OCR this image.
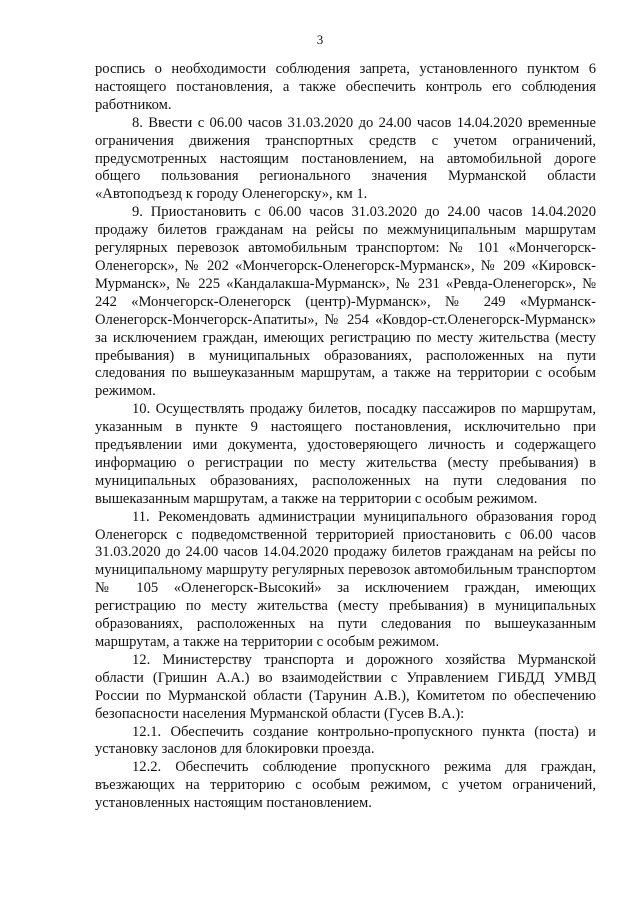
3

роспись о необходимости соблюдения запрета, установленного пунктом 6 настоящего постановления, а также обеспечить контроль его соблюдения работником.

8. Ввести с 06.00 часов 31.03.2020 до 24.00 часов 14.04.2020 временные ограничения движения транспортных средств с учетом ограничений, предусмотренных настоящим постановлением, на автомобильной дороге общего пользования регионального значения Мурманской области «Автоподъезд к городу Оленегорску», км 1.

9. Приостановить с 06.00 часов 31.03.2020 до 24.00 часов 14.04.2020 продажу билетов гражданам на рейсы по межмуниципальным маршрутам регулярных перевозок автомобильным транспортом: № 101 «Мончегорск-Оленегорск», № 202 «Мончегорск-Оленегорск-Мурманск», № 209 «Кировск-Мурманск», № 225 «Кандалакша-Мурманск», № 231 «Ревда-Оленегорск», № 242 «Мончегорск-Оленегорск (центр)-Мурманск», № 249 «Мурманск-Оленегорск-Мончегорск-Апатиты», № 254 «Ковдор-ст.Оленегорск-Мурманск» за исключением граждан, имеющих регистрацию по месту жительства (месту пребывания) в муниципальных образованиях, расположенных на пути следования по вышеуказанным маршрутам, а также на территории с особым режимом.

10. Осуществлять продажу билетов, посадку пассажиров по маршрутам, указанным в пункте 9 настоящего постановления, исключительно при предъявлении ими документа, удостоверяющего личность и содержащего информацию о регистрации по месту жительства (месту пребывания) в муниципальных образованиях, расположенных на пути следования по вышеказанным маршрутам, а также на территории с особым режимом.

11. Рекомендовать администрации муниципального образования город Оленегорск с подведомственной территорией приостановить с 06.00 часов 31.03.2020 до 24.00 часов 14.04.2020 продажу билетов гражданам на рейсы по муниципальному маршруту регулярных перевозок автомобильным транспортом № 105 «Оленегорск-Высокий» за исключением граждан, имеющих регистрацию по месту жительства (месту пребывания) в муниципальных образованиях, расположенных на пути следования по вышеуказанным маршрутам, а также на территории с особым режимом.

12. Министерству транспорта и дорожного хозяйства Мурманской области (Гришин А.А.) во взаимодействии с Управлением ГИБДД УМВД России по Мурманской области (Тарунин А.В.), Комитетом по обеспечению безопасности населения Мурманской области (Гусев В.А.):

12.1. Обеспечить создание контрольно-пропускного пункта (поста) и установку заслонов для блокировки проезда.

12.2. Обеспечить соблюдение пропускного режима для граждан, въезжающих на территорию с особым режимом, с учетом ограничений, установленных настоящим постановлением.
